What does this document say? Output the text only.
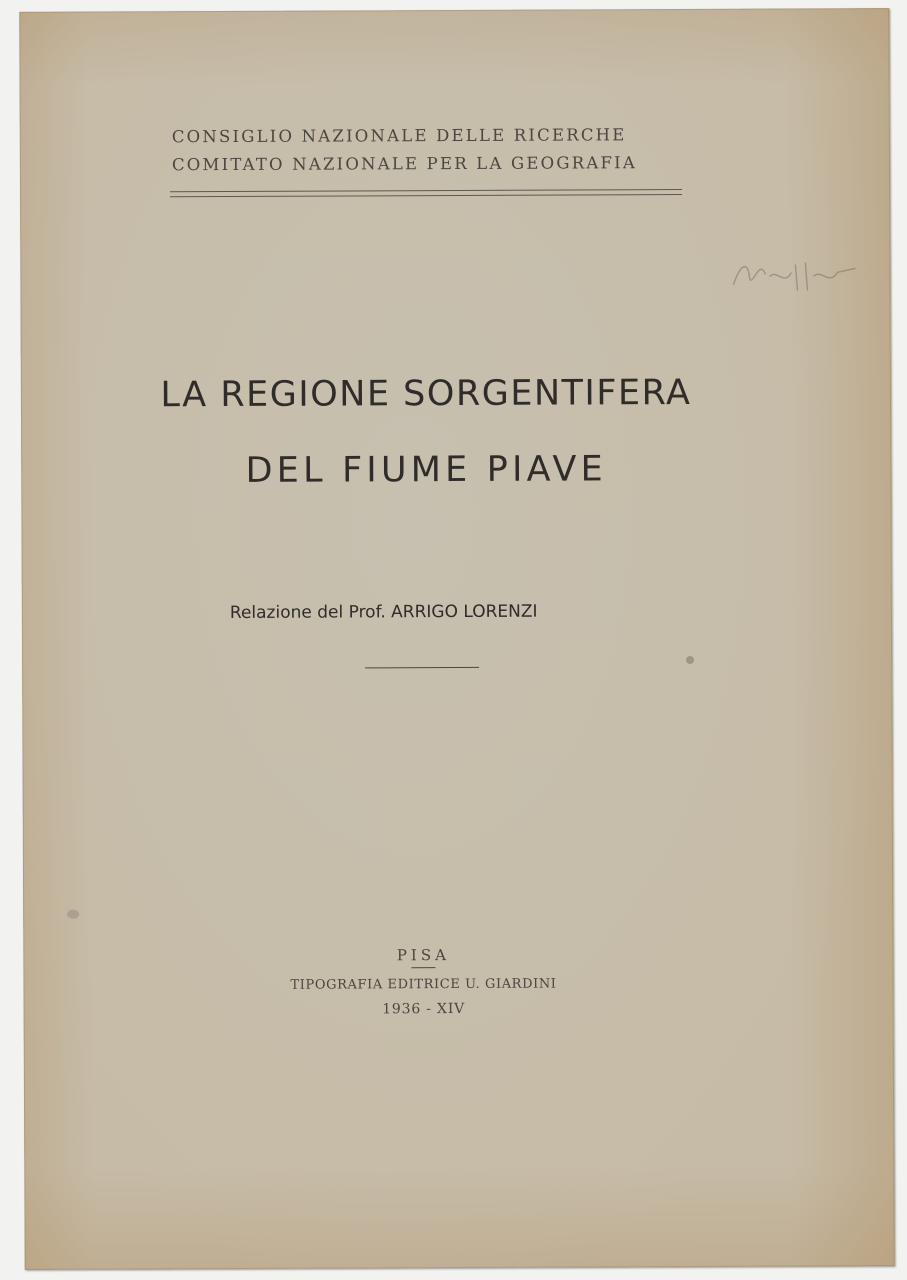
CONSIGLIO NAZIONALE DELLE RICERCHE
COMITATO NAZIONALE PER LA GEOGRAFIA
LA REGIONE SORGENTIFERA
DEL FIUME PIAVE
Relazione del Prof. ARRIGO LORENZI
PISA
TIPOGRAFIA EDITRICE U. GIARDINI
1936 - XIV
